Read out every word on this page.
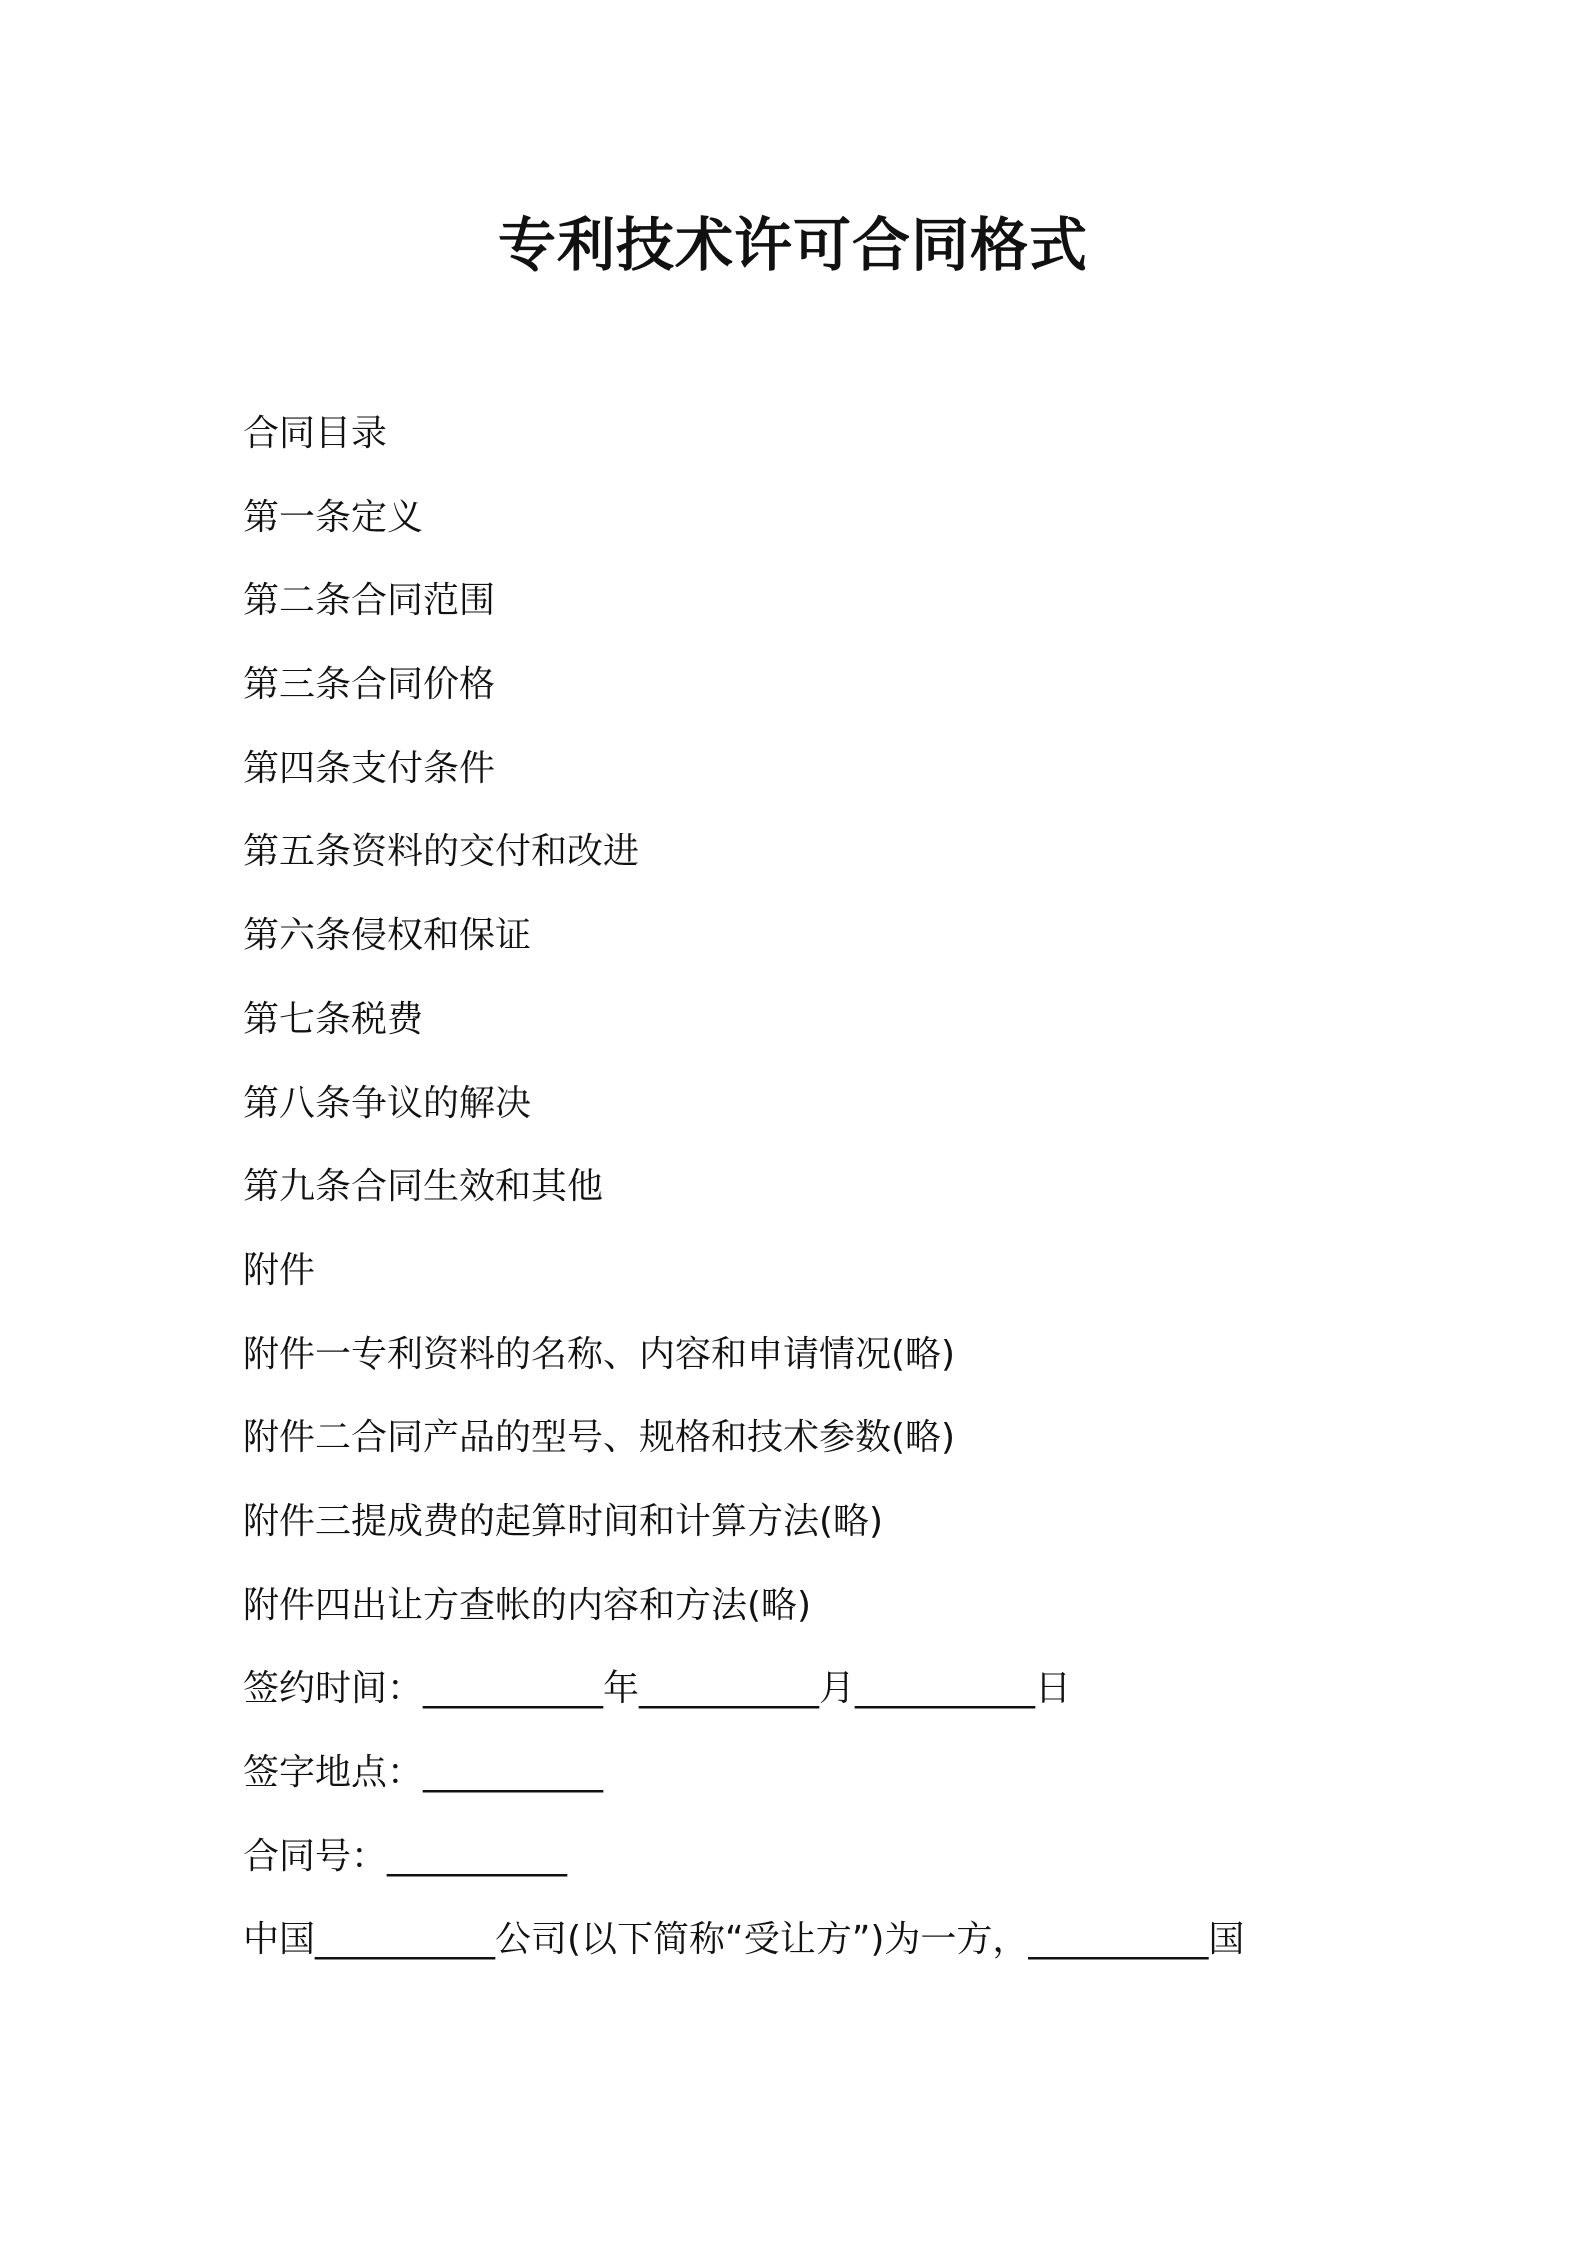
专利技术许可合同格式

合同目录

第一条定义

第二条合同范围

第三条合同价格

第四条支付条件

第五条资料的交付和改进

第六条侵权和保证

第七条税费

第八条争议的解决

第九条合同生效和其他

附件

附件一专利资料的名称、内容和申请情况(略)

附件二合同产品的型号、规格和技术参数(略)

附件三提成费的起算时间和计算方法(略)

附件四出让方查帐的内容和方法(略)

签约时间：__________年__________月__________日

签字地点：__________

合同号：__________

中国__________公司(以下简称“受让方”)为一方，__________国
